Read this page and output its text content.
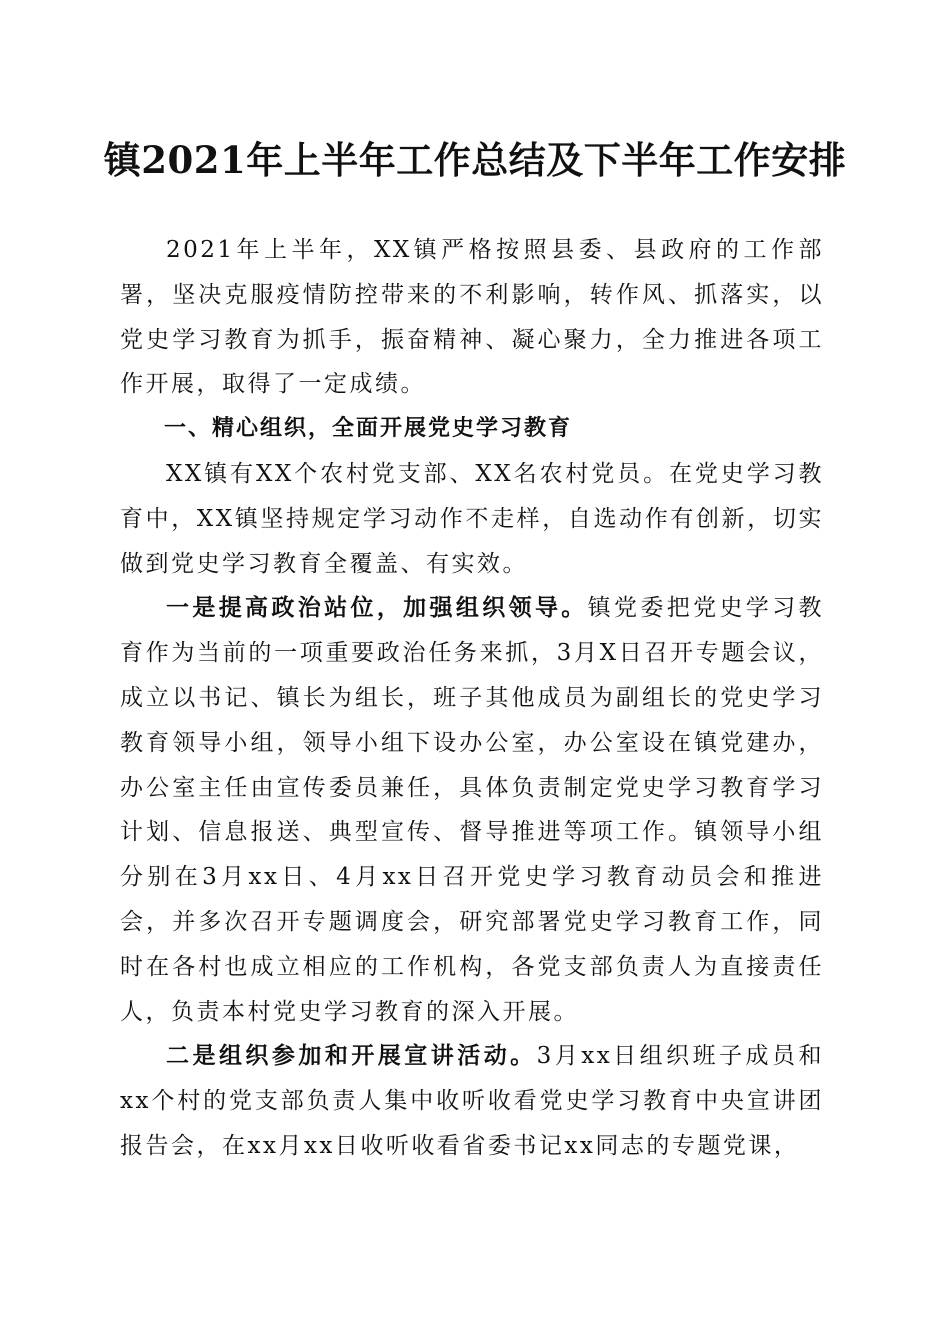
镇2021年上半年工作总结及下半年工作安排

2021年上半年，XX镇严格按照县委、县政府的工作部署，坚决克服疫情防控带来的不利影响，转作风、抓落实，以党史学习教育为抓手，振奋精神、凝心聚力，全力推进各项工作开展，取得了一定成绩。

一、精心组织，全面开展党史学习教育

XX镇有XX个农村党支部、XX名农村党员。在党史学习教育中，XX镇坚持规定学习动作不走样，自选动作有创新，切实做到党史学习教育全覆盖、有实效。

一是提高政治站位，加强组织领导。镇党委把党史学习教育作为当前的一项重要政治任务来抓，3月X日召开专题会议，成立以书记、镇长为组长，班子其他成员为副组长的党史学习教育领导小组，领导小组下设办公室，办公室设在镇党建办，办公室主任由宣传委员兼任，具体负责制定党史学习教育学习计划、信息报送、典型宣传、督导推进等项工作。镇领导小组分别在3月xx日、4月xx日召开党史学习教育动员会和推进会，并多次召开专题调度会，研究部署党史学习教育工作，同时在各村也成立相应的工作机构，各党支部负责人为直接责任人，负责本村党史学习教育的深入开展。

二是组织参加和开展宣讲活动。3月xx日组织班子成员和xx个村的党支部负责人集中收听收看党史学习教育中央宣讲团报告会，在xx月xx日收听收看省委书记xx同志的专题党课，
